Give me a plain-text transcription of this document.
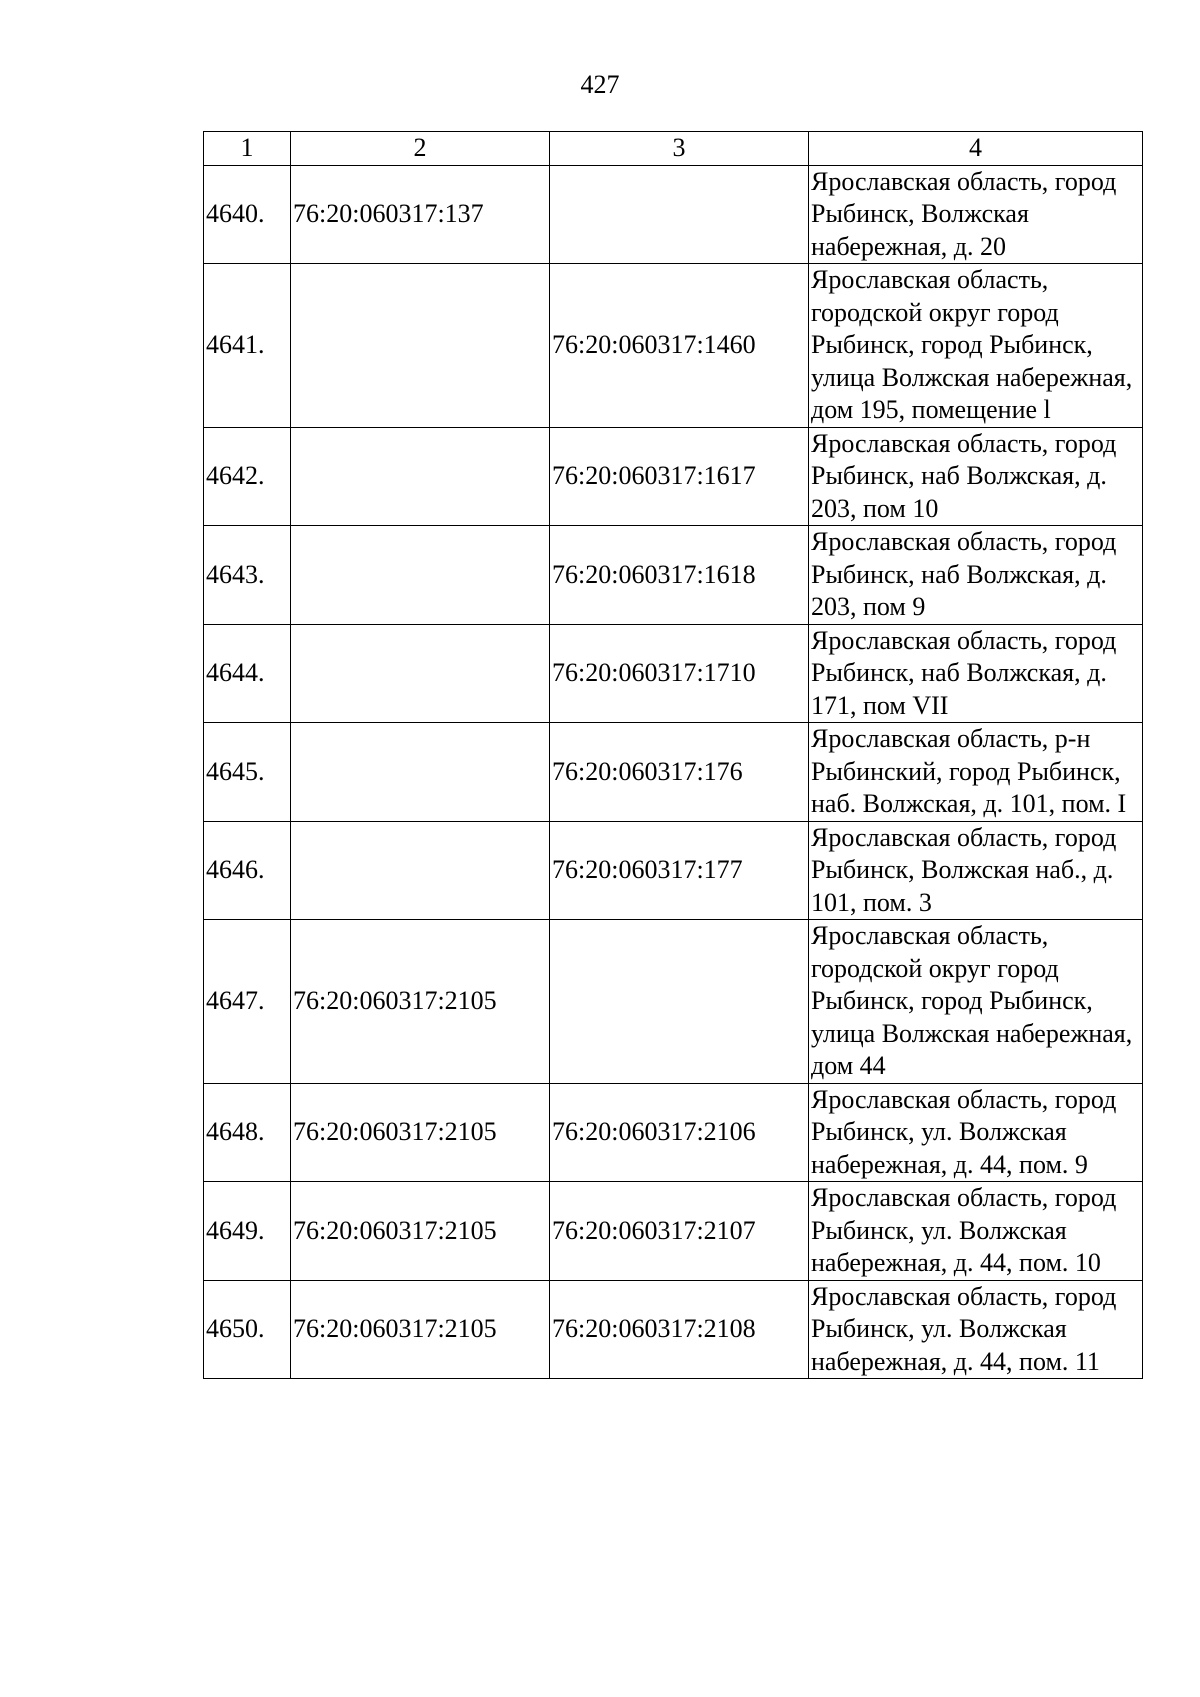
427
1	2	3	4
4640.	76:20:060317:137		Ярославская область, город Рыбинск, Волжская набережная, д. 20
4641.		76:20:060317:1460	Ярославская область, городской округ город Рыбинск, город Рыбинск, улица Волжская набережная, дом 195, помещение l
4642.		76:20:060317:1617	Ярославская область, город Рыбинск, наб Волжская, д. 203, пом 10
4643.		76:20:060317:1618	Ярославская область, город Рыбинск, наб Волжская, д. 203, пом 9
4644.		76:20:060317:1710	Ярославская область, город Рыбинск, наб Волжская, д. 171, пом VII
4645.		76:20:060317:176	Ярославская область, р-н Рыбинский, город Рыбинск, наб. Волжская, д. 101, пом. I
4646.		76:20:060317:177	Ярославская область, город Рыбинск, Волжская наб., д. 101, пом. 3
4647.	76:20:060317:2105		Ярославская область, городской округ город Рыбинск, город Рыбинск, улица Волжская набережная, дом 44
4648.	76:20:060317:2105	76:20:060317:2106	Ярославская область, город Рыбинск, ул. Волжская набережная, д. 44, пом. 9
4649.	76:20:060317:2105	76:20:060317:2107	Ярославская область, город Рыбинск, ул. Волжская набережная, д. 44, пом. 10
4650.	76:20:060317:2105	76:20:060317:2108	Ярославская область, город Рыбинск, ул. Волжская набережная, д. 44, пом. 11
